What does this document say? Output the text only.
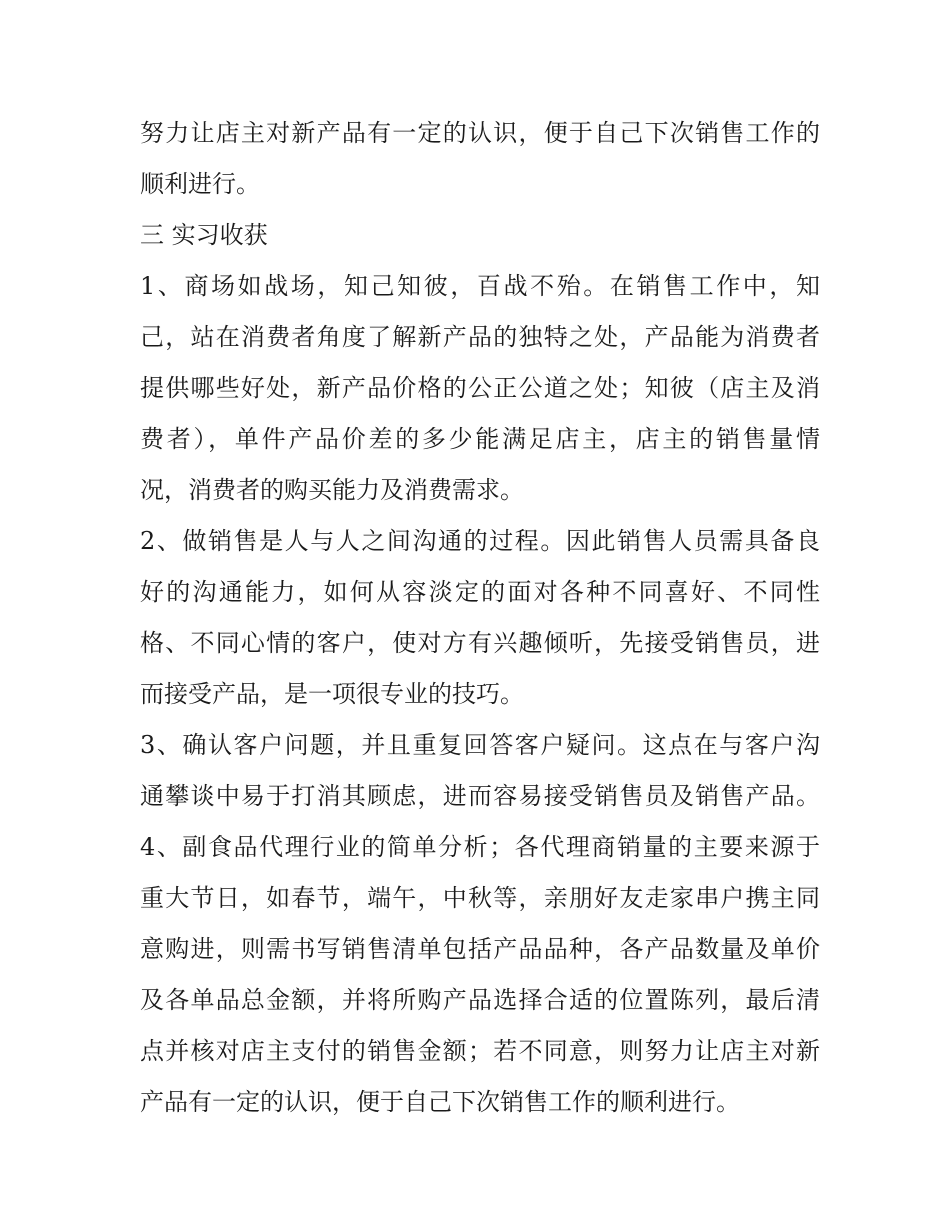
努力让店主对新产品有一定的认识，便于自己下次销售工作的
顺利进行。
三 实习收获
1、商场如战场，知己知彼，百战不殆。在销售工作中，知
己，站在消费者角度了解新产品的独特之处，产品能为消费者
提供哪些好处，新产品价格的公正公道之处；知彼（店主及消
费者），单件产品价差的多少能满足店主，店主的销售量情
况，消费者的购买能力及消费需求。
2、做销售是人与人之间沟通的过程。因此销售人员需具备良
好的沟通能力，如何从容淡定的面对各种不同喜好、不同性
格、不同心情的客户，使对方有兴趣倾听，先接受销售员，进
而接受产品，是一项很专业的技巧。
3、确认客户问题，并且重复回答客户疑问。这点在与客户沟
通攀谈中易于打消其顾虑，进而容易接受销售员及销售产品。
4、副食品代理行业的简单分析；各代理商销量的主要来源于
重大节日，如春节，端午，中秋等，亲朋好友走家串户携主同
意购进，则需书写销售清单包括产品品种，各产品数量及单价
及各单品总金额，并将所购产品选择合适的位置陈列，最后清
点并核对店主支付的销售金额；若不同意，则努力让店主对新
产品有一定的认识，便于自己下次销售工作的顺利进行。
